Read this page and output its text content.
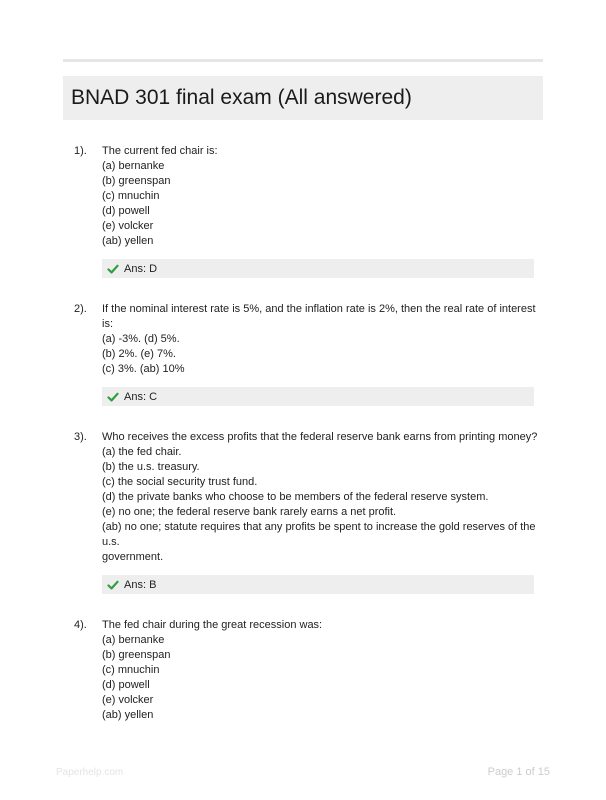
BNAD 301 final exam (All answered)
1). The current fed chair is:
(a) bernanke
(b) greenspan
(c) mnuchin
(d) powell
(e) volcker
(ab) yellen
Ans: D
2). If the nominal interest rate is 5%, and the inflation rate is 2%, then the real rate of interest
is:
(a) -3%. (d) 5%.
(b) 2%. (e) 7%.
(c) 3%. (ab) 10%
Ans: C
3). Who receives the excess profits that the federal reserve bank earns from printing money?
(a) the fed chair.
(b) the u.s. treasury.
(c) the social security trust fund.
(d) the private banks who choose to be members of the federal reserve system.
(e) no one; the federal reserve bank rarely earns a net profit.
(ab) no one; statute requires that any profits be spent to increase the gold reserves of the
u.s.
government.
Ans: B
4). The fed chair during the great recession was:
(a) bernanke
(b) greenspan
(c) mnuchin
(d) powell
(e) volcker
(ab) yellen
Paperhelp.com	Page 1 of 15
